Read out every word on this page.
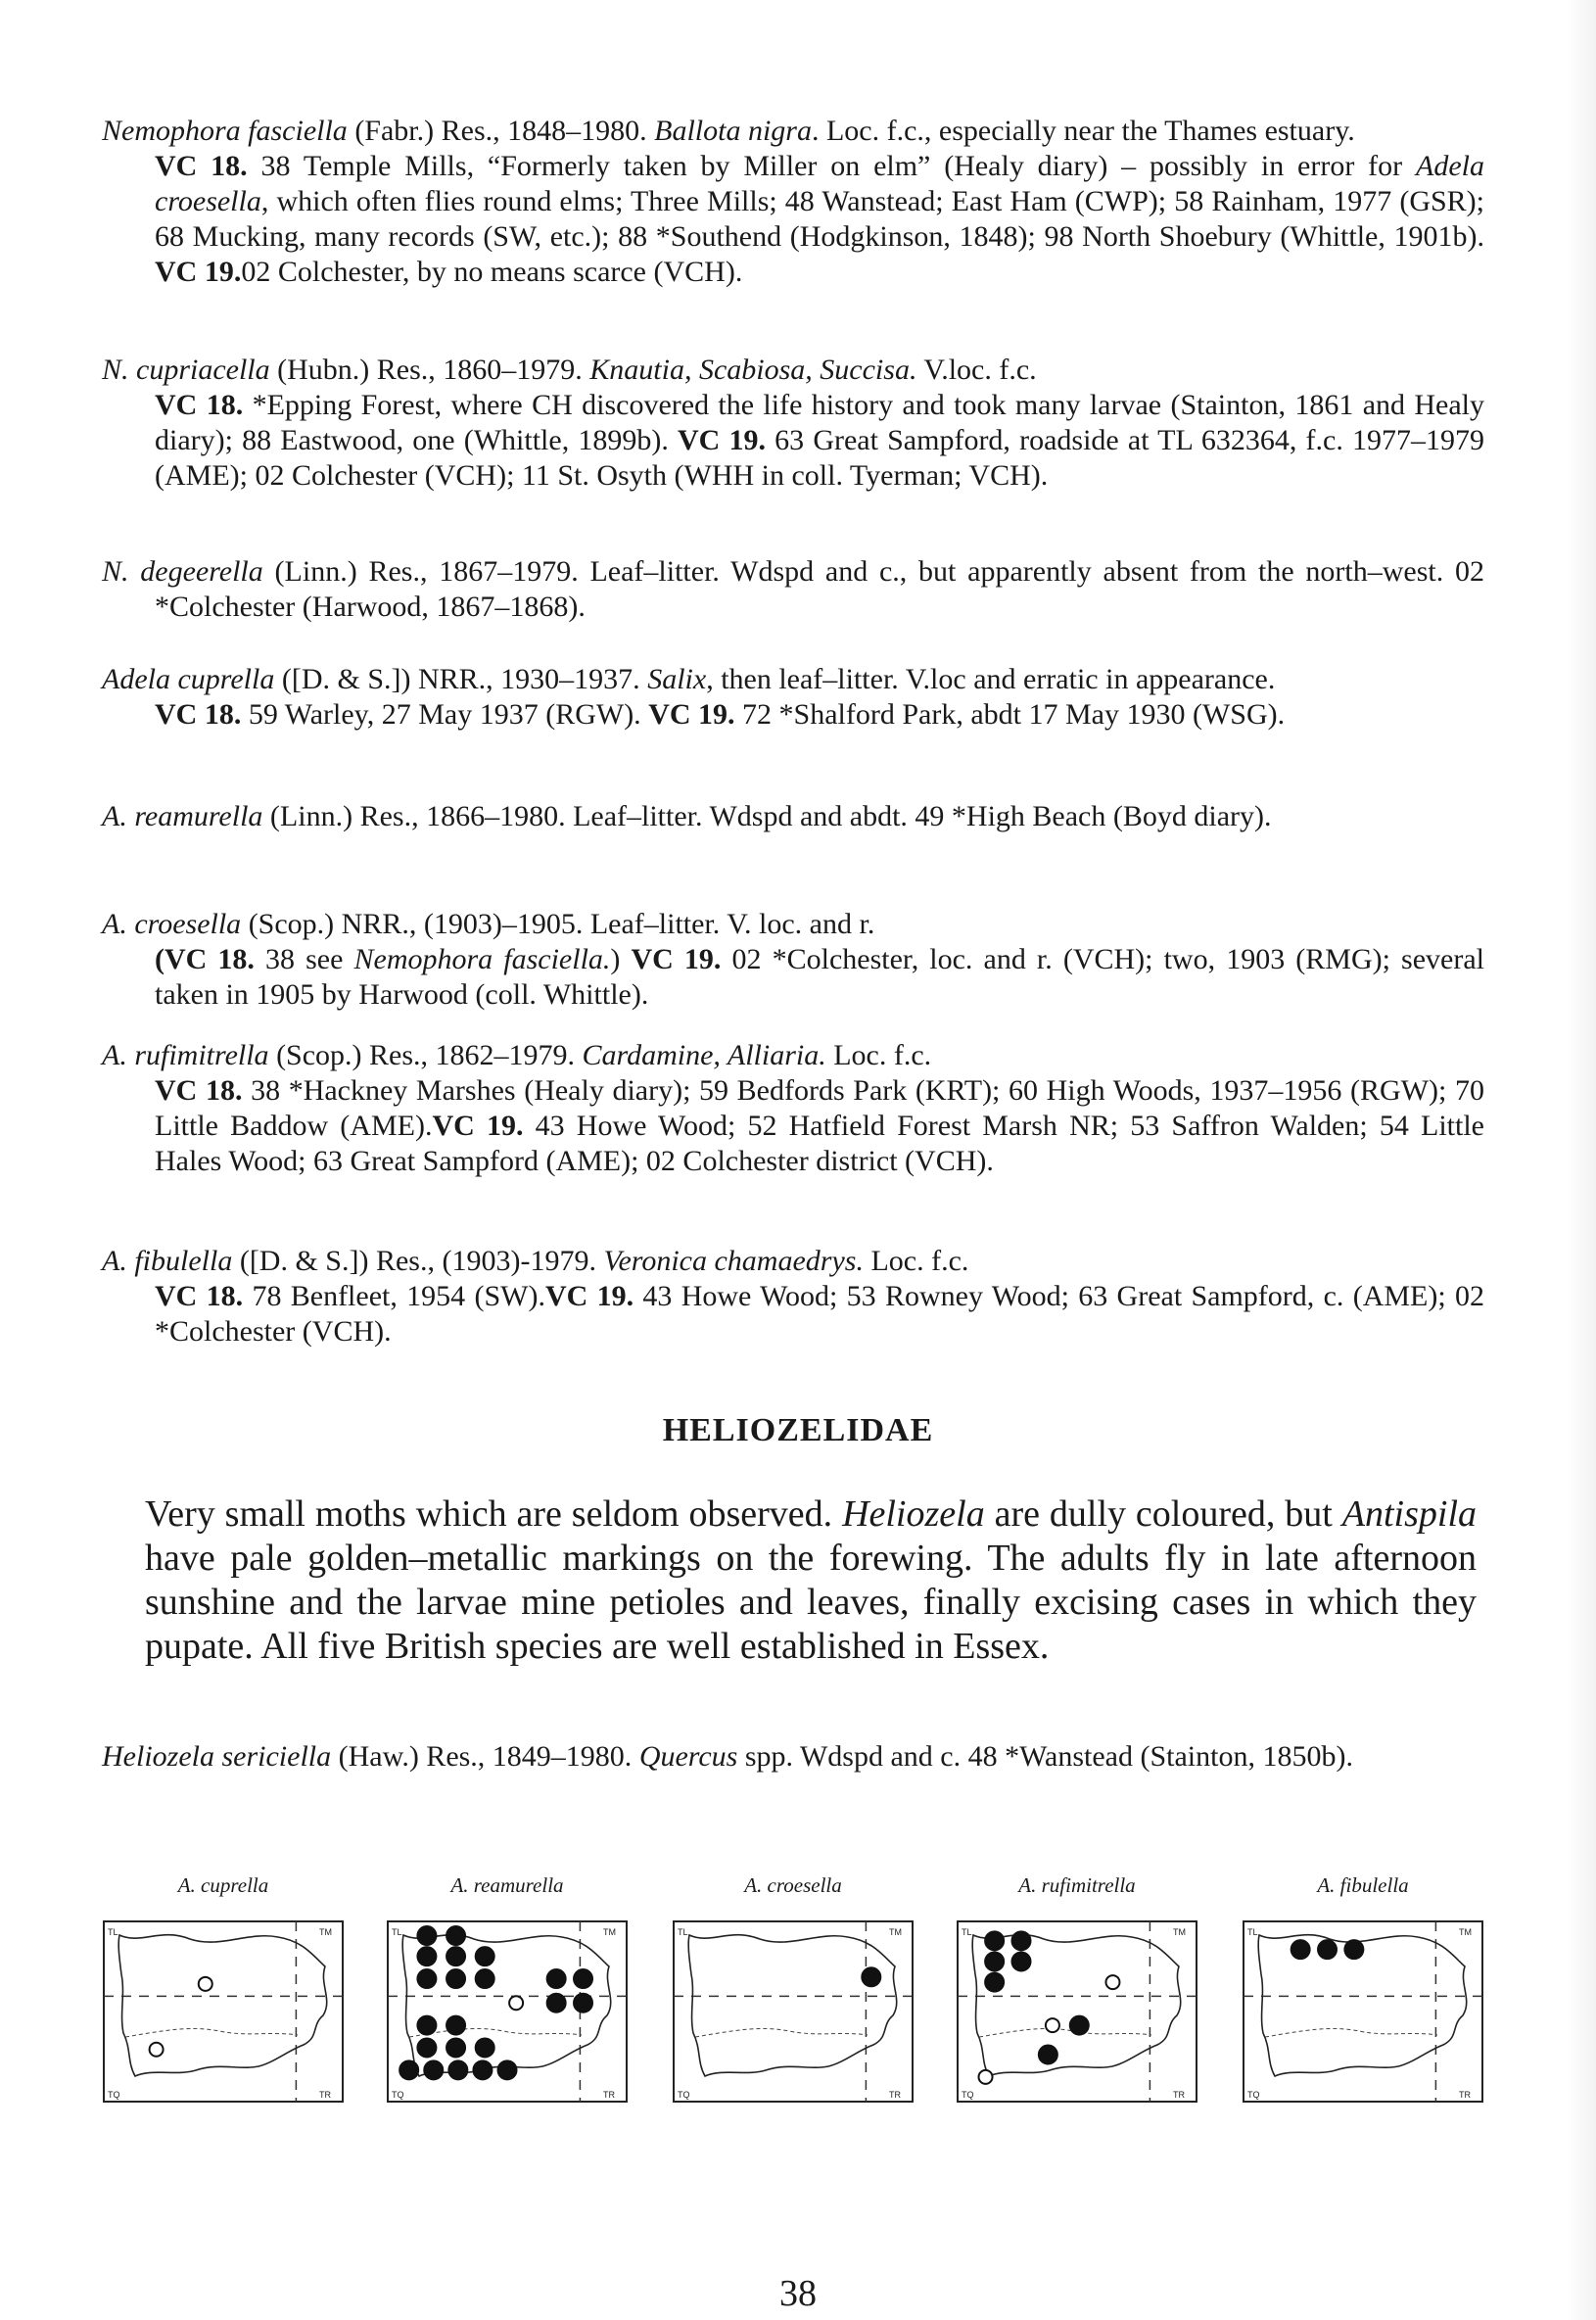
Nemophora fasciella (Fabr.) Res., 1848–1980. Ballota nigra. Loc. f.c., especially near the Thames estuary.

VC 18. 38 Temple Mills, “Formerly taken by Miller on elm” (Healy diary) – possibly in error for Adela croesella, which often flies round elms; Three Mills; 48 Wanstead; East Ham (CWP); 58 Rainham, 1977 (GSR); 68 Mucking, many records (SW, etc.); 88 *Southend (Hodgkinson, 1848); 98 North Shoebury (Whittle, 1901b). VC 19.02 Colchester, by no means scarce (VCH).

N. cupriacella (Hubn.) Res., 1860–1979. Knautia, Scabiosa, Succisa. V.loc. f.c.

VC 18. *Epping Forest, where CH discovered the life history and took many larvae (Stainton, 1861 and Healy diary); 88 Eastwood, one (Whittle, 1899b). VC 19. 63 Great Sampford, roadside at TL 632364, f.c. 1977–1979 (AME); 02 Colchester (VCH); 11 St. Osyth (WHH in coll. Tyerman; VCH).

N. degeerella (Linn.) Res., 1867–1979. Leaf–litter. Wdspd and c., but apparently absent from the north–west. 02 *Colchester (Harwood, 1867–1868).

Adela cuprella ([D. & S.]) NRR., 1930–1937. Salix, then leaf–litter. V.loc and erratic in appearance.

VC 18. 59 Warley, 27 May 1937 (RGW). VC 19. 72 *Shalford Park, abdt 17 May 1930 (WSG).

A. reamurella (Linn.) Res., 1866–1980. Leaf–litter. Wdspd and abdt. 49 *High Beach (Boyd diary).

A. croesella (Scop.) NRR., (1903)–1905. Leaf–litter. V. loc. and r.

(VC 18. 38 see Nemophora fasciella.) VC 19. 02 *Colchester, loc. and r. (VCH); two, 1903 (RMG); several taken in 1905 by Harwood (coll. Whittle).

A. rufimitrella (Scop.) Res., 1862–1979. Cardamine, Alliaria. Loc. f.c.

VC 18. 38 *Hackney Marshes (Healy diary); 59 Bedfords Park (KRT); 60 High Woods, 1937–1956 (RGW); 70 Little Baddow (AME).VC 19. 43 Howe Wood; 52 Hatfield Forest Marsh NR; 53 Saffron Walden; 54 Little Hales Wood; 63 Great Sampford (AME); 02 Colchester district (VCH).

A. fibulella ([D. & S.]) Res., (1903)-1979. Veronica chamaedrys. Loc. f.c.

VC 18. 78 Benfleet, 1954 (SW).VC 19. 43 Howe Wood; 53 Rowney Wood; 63 Great Sampford, c. (AME); 02 *Colchester (VCH).

HELIOZELIDAE
Very small moths which are seldom observed. Heliozela are dully coloured, but Antispila have pale golden–metallic markings on the forewing. The adults fly in late afternoon sunshine and the larvae mine petioles and leaves, finally excising cases in which they pupate. All five British species are well established in Essex.

Heliozela sericiella (Haw.) Res., 1849–1980. Quercus spp. Wdspd and c. 48 *Wanstead (Stainton, 1850b).

A. cuprella
TL	TM
TQ	TR
A. reamurella
TL	TM
TQ	TR
A. croesella
TL	TM
TQ	TR
A. rufimitrella
TL	TM
TQ	TR
A. fibulella
TL	TM
TQ	TR
38
